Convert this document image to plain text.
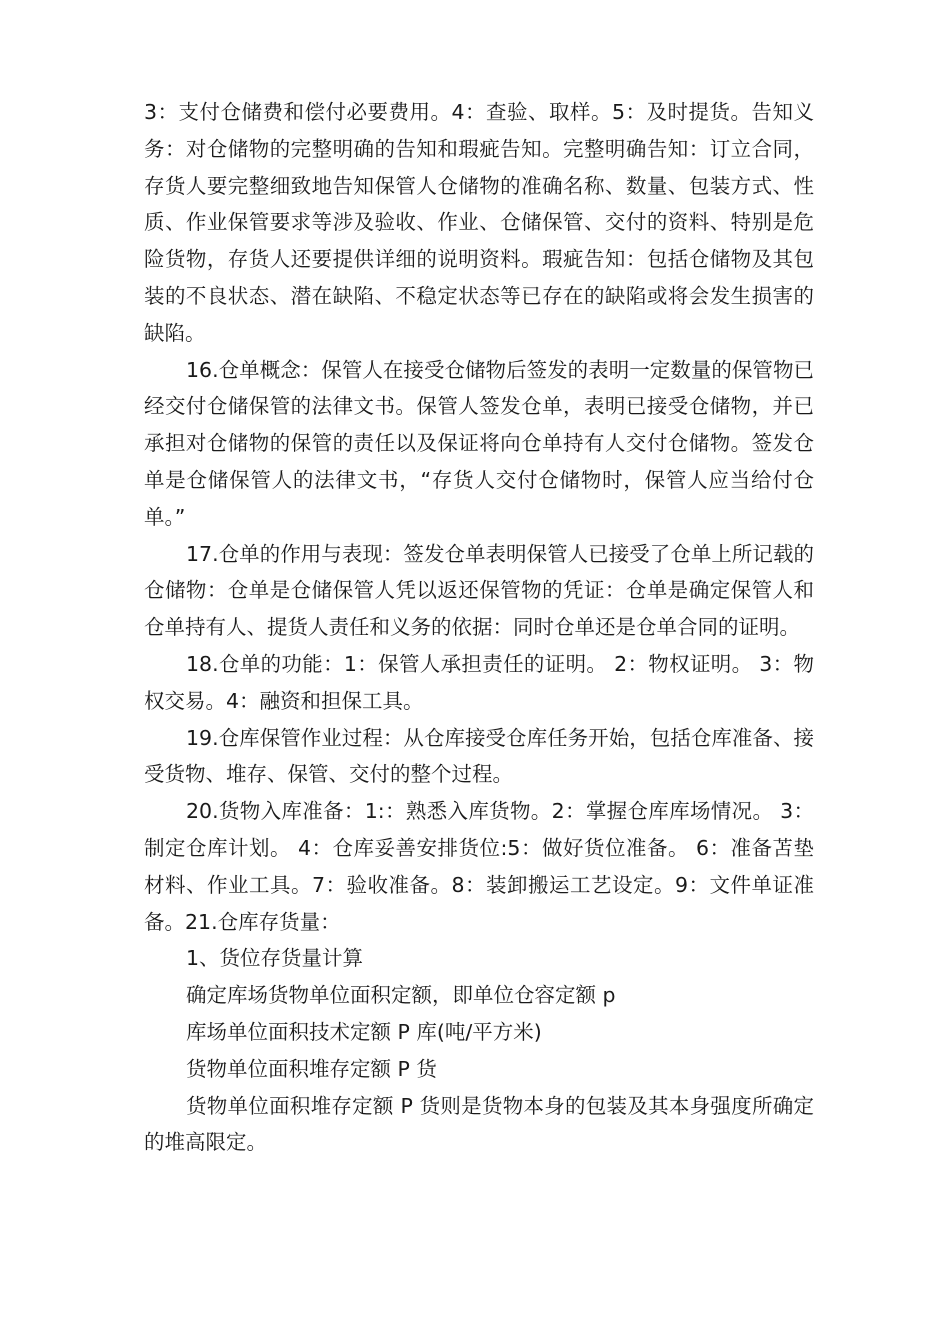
3：支付仓储费和偿付必要费用。4：查验、取样。5：及时提货。告知义务：对仓储物的完整明确的告知和瑕疵告知。完整明确告知：订立合同，存货人要完整细致地告知保管人仓储物的准确名称、数量、包装方式、性质、作业保管要求等涉及验收、作业、仓储保管、交付的资料、特别是危险货物，存货人还要提供详细的说明资料。瑕疵告知：包括仓储物及其包装的不良状态、潜在缺陷、不稳定状态等已存在的缺陷或将会发生损害的缺陷。

16.仓单概念：保管人在接受仓储物后签发的表明一定数量的保管物已经交付仓储保管的法律文书。保管人签发仓单，表明已接受仓储物，并已承担对仓储物的保管的责任以及保证将向仓单持有人交付仓储物。签发仓单是仓储保管人的法律文书，“存货人交付仓储物时，保管人应当给付仓单。”

17.仓单的作用与表现：签发仓单表明保管人已接受了仓单上所记载的仓储物：仓单是仓储保管人凭以返还保管物的凭证：仓单是确定保管人和仓单持有人、提货人责任和义务的依据：同时仓单还是仓单合同的证明。

18.仓单的功能：1：保管人承担责任的证明。 2：物权证明。 3：物权交易。4：融资和担保工具。

19.仓库保管作业过程：从仓库接受仓库任务开始，包括仓库准备、接受货物、堆存、保管、交付的整个过程。

20.货物入库准备：1:：熟悉入库货物。2：掌握仓库库场情况。 3：制定仓库计划。 4：仓库妥善安排货位:5：做好货位准备。 6：准备苫垫材料、作业工具。7：验收准备。8：装卸搬运工艺设定。9：文件单证准备。21.仓库存货量：

1、货位存货量计算

确定库场货物单位面积定额，即单位仓容定额 p

库场单位面积技术定额 P 库(吨/平方米)

货物单位面积堆存定额 P 货

货物单位面积堆存定额 P 货则是货物本身的包装及其本身强度所确定的堆高限定。
